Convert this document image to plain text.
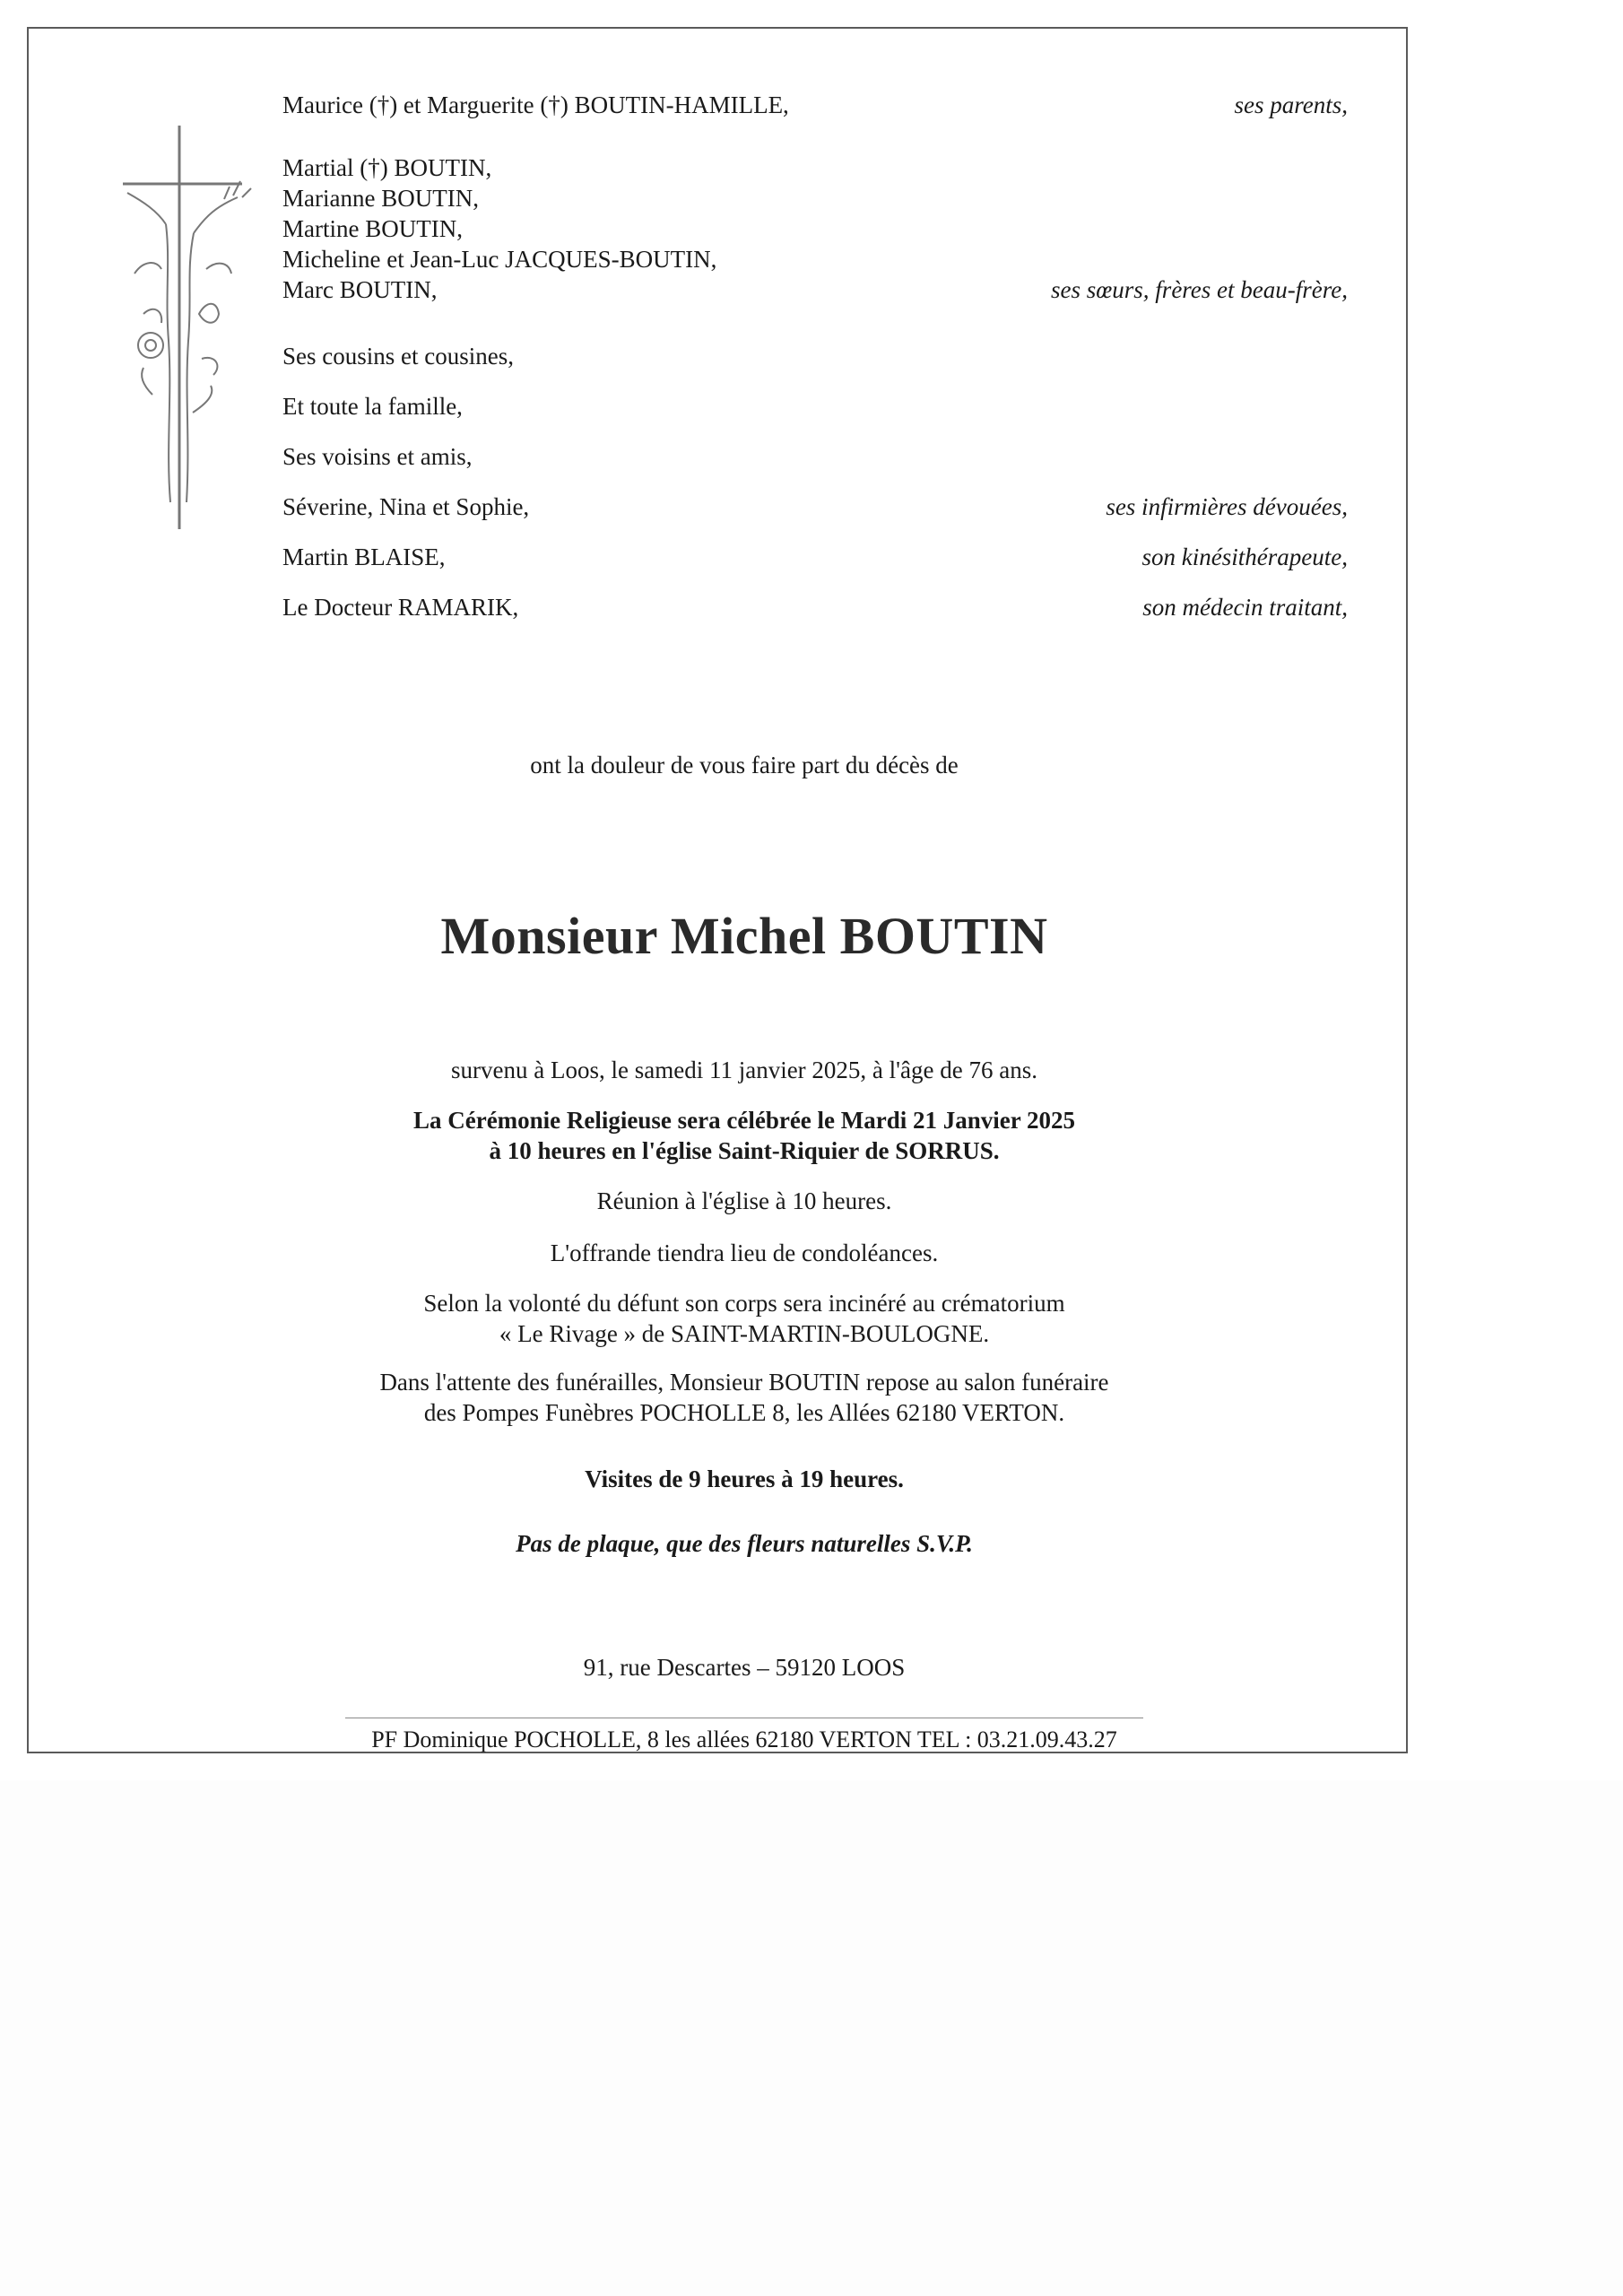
Maurice (†) et Marguerite (†) BOUTIN-HAMILLE,	ses parents,
Martial (†) BOUTIN,
Marianne BOUTIN,
Martine BOUTIN,
Micheline et Jean-Luc JACQUES-BOUTIN,
Marc BOUTIN,	ses sœurs, frères et beau-frère,
Ses cousins et cousines,
Et toute la famille,
Ses voisins et amis,
Séverine, Nina et Sophie,	ses infirmières dévouées,
Martin BLAISE,	son kinésithérapeute,
Le Docteur RAMARIK,	son médecin traitant,
ont la douleur de vous faire part du décès de
Monsieur Michel BOUTIN
survenu à Loos, le samedi 11 janvier 2025, à l'âge de 76 ans.
La Cérémonie Religieuse sera célébrée le Mardi 21 Janvier 2025
à 10 heures en l'église Saint-Riquier de SORRUS.
Réunion à l'église à 10 heures.
L'offrande tiendra lieu de condoléances.
Selon la volonté du défunt son corps sera incinéré au crématorium
« Le Rivage » de SAINT-MARTIN-BOULOGNE.
Dans l'attente des funérailles, Monsieur BOUTIN repose au salon funéraire
des Pompes Funèbres POCHOLLE 8, les Allées 62180 VERTON.
Visites de 9 heures à 19 heures.
Pas de plaque, que des fleurs naturelles S.V.P.
91, rue Descartes – 59120 LOOS
PF Dominique POCHOLLE, 8 les allées 62180 VERTON TEL : 03.21.09.43.27
